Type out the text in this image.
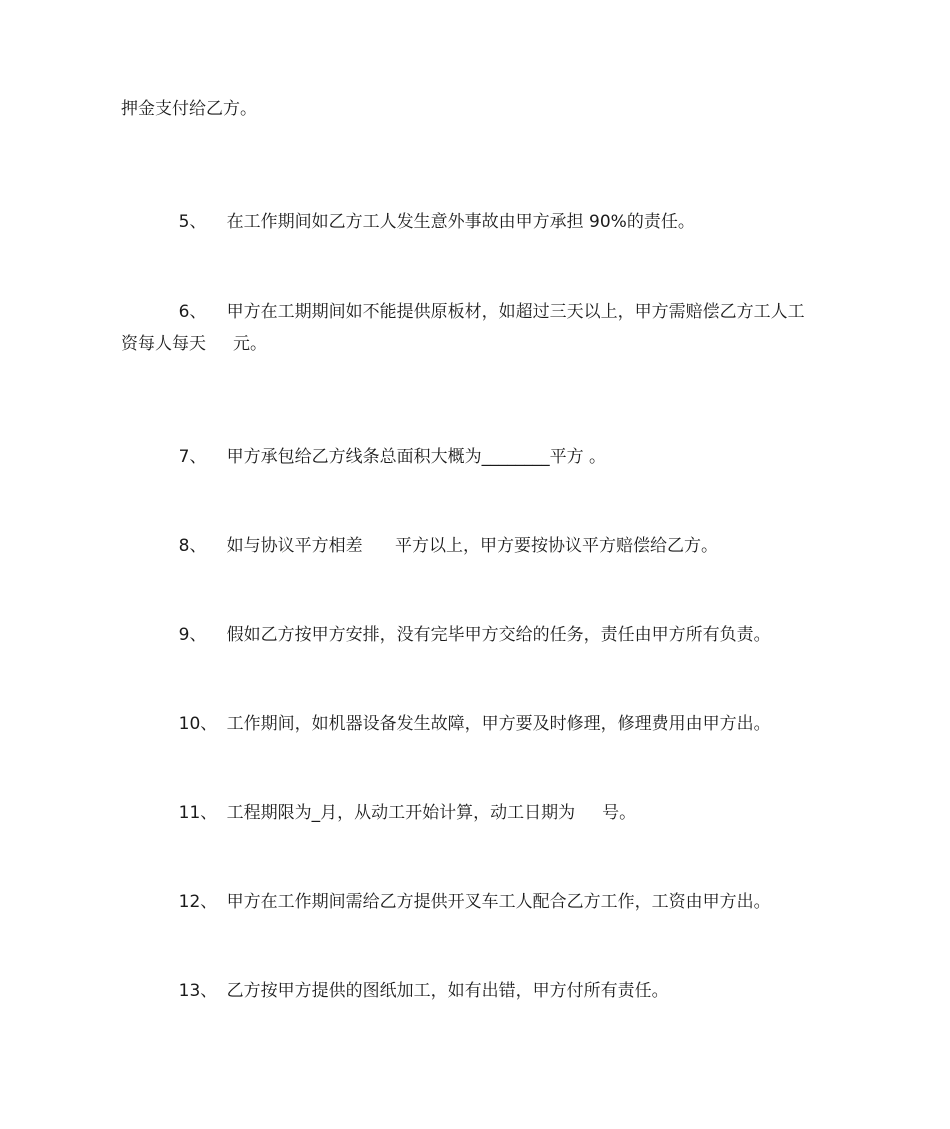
押金支付给乙方。

5、 在工作期间如乙方工人发生意外事故由甲方承担 90%的责任。

6、 甲方在工期期间如不能提供原板材，如超过三天以上，甲方需赔偿乙方工人工

资每人每天     元。

7、 甲方承包给乙方线条总面积大概为________平方 。

8、 如与协议平方相差      平方以上，甲方要按协议平方赔偿给乙方。

9、 假如乙方按甲方安排，没有完毕甲方交给的任务，责任由甲方所有负责。

10、 工作期间，如机器设备发生故障，甲方要及时修理，修理费用由甲方出。

11、 工程期限为_月，从动工开始计算，动工日期为     号。

12、 甲方在工作期间需给乙方提供开叉车工人配合乙方工作，工资由甲方出。

13、 乙方按甲方提供的图纸加工，如有出错，甲方付所有责任。
